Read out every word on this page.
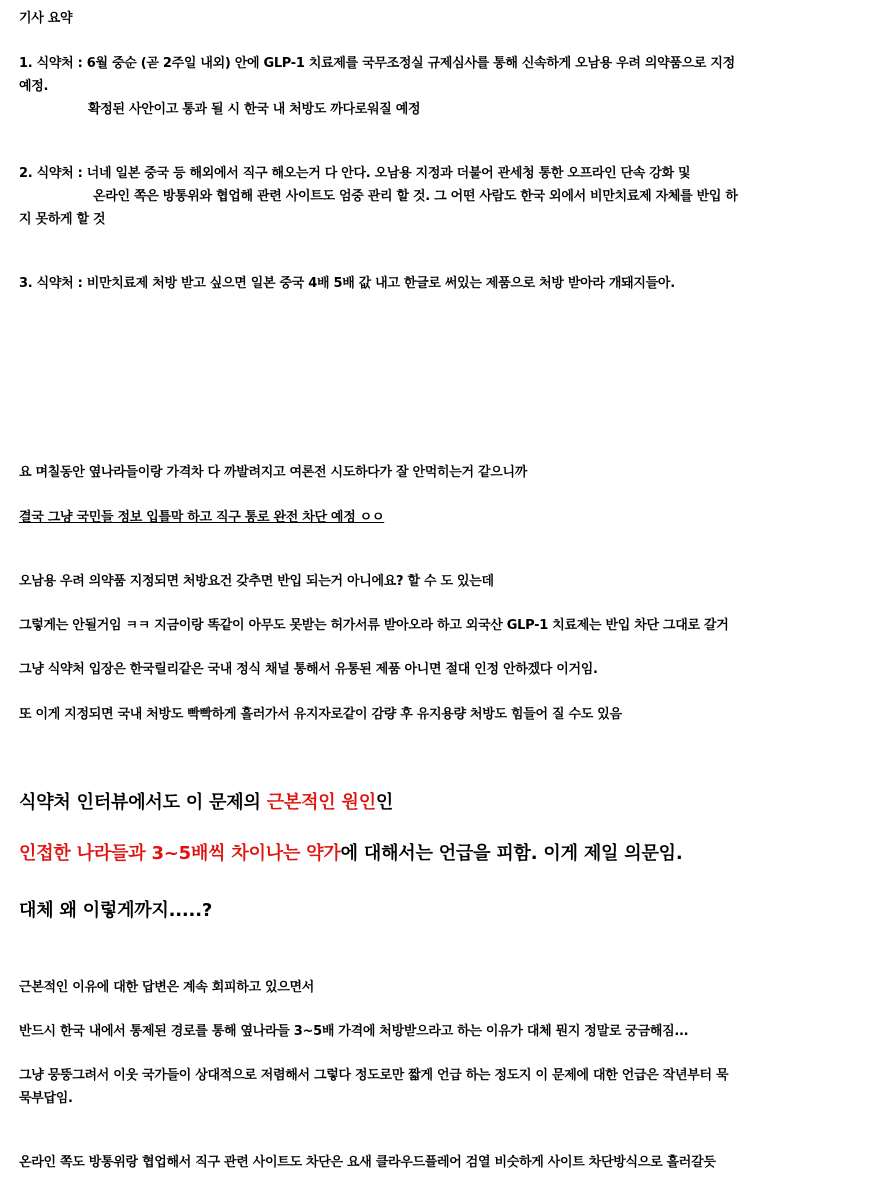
기사 요약

1. 식약처 : 6월 중순 (곧 2주일 내외) 안에 GLP-1 치료제를 국무조정실 규제심사를 통해 신속하게 오남용 우려 의약품으로 지정

예정.

확정된 사안이고 통과 될 시 한국 내 처방도 까다로워질 예정

2. 식약처 : 너네 일본 중국 등 해외에서 직구 해오는거 다 안다. 오남용 지정과 더불어 관세청 통한 오프라인 단속 강화 및

온라인 쪽은 방통위와 협업해 관련 사이트도 엄중 관리 할 것. 그 어떤 사람도 한국 외에서 비만치료제 자체를 반입 하

지 못하게 할 것

3. 식약처 : 비만치료제 처방 받고 싶으면 일본 중국 4배 5배 값 내고 한글로 써있는 제품으로 처방 받아라 개돼지들아.

요 며칠동안 옆나라들이랑 가격차 다 까발려지고 여론전 시도하다가 잘 안먹히는거 같으니까

결국 그냥 국민들 정보 입틀막 하고 직구 통로 완전 차단 예정 ㅇㅇ

오남용 우려 의약품 지정되면 처방요건 갖추면 반입 되는거 아니에요? 할 수 도 있는데

그렇게는 안될거임 ㅋㅋ 지금이랑 똑같이 아무도 못받는 허가서류 받아오라 하고 외국산 GLP-1 치료제는 반입 차단 그대로 갈거

그냥 식약처 입장은 한국릴리같은 국내 정식 채널 통해서 유통된 제품 아니면 절대 인정 안하겠다 이거임.

또 이게 지정되면 국내 처방도 빡빡하게 흘러가서 유지자로같이 감량 후 유지용량 처방도 힘들어 질 수도 있음

식약처 인터뷰에서도 이 문제의 근본적인 원인인

인접한 나라들과 3~5배씩 차이나는 약가에 대해서는 언급을 피함. 이게 제일 의문임.

대체 왜 이렇게까지.....?

근본적인 이유에 대한 답변은 계속 회피하고 있으면서

반드시 한국 내에서 통제된 경로를 통해 옆나라들 3~5배 가격에 처방받으라고 하는 이유가 대체 뭔지 정말로 궁금해짐...

그냥 뭉뚱그려서 이웃 국가들이 상대적으로 저렴해서 그렇다 정도로만 짧게 언급 하는 정도지 이 문제에 대한 언급은 작년부터 묵

묵부답임.

온라인 쪽도 방통위랑 협업해서 직구 관련 사이트도 차단은 요새 클라우드플레어 검열 비슷하게 사이트 차단방식으로 흘러갈듯
